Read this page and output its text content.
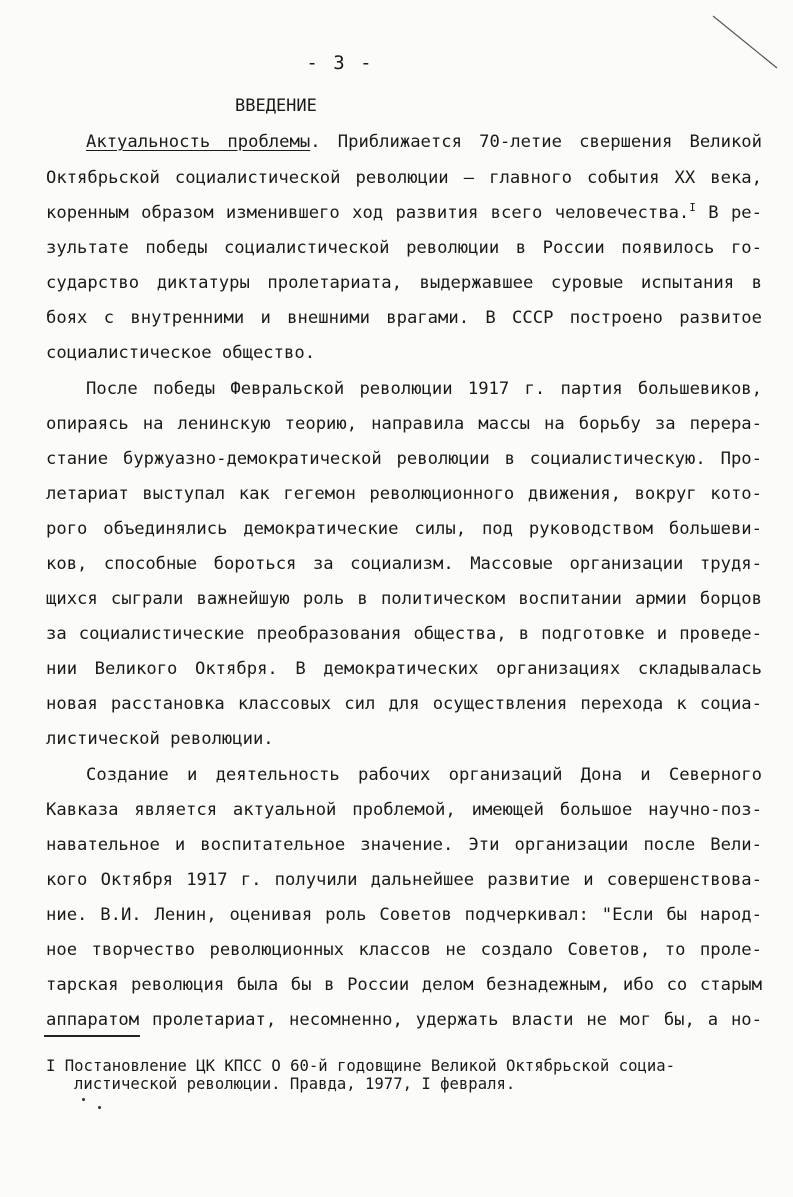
- 3 -
ВВЕДЕНИЕ
Актуальность проблемы. Приближается 70-летие свершения Великой
Октябрьской социалистической революции – главного события XX века,
коренным образом изменившего ход развития всего человечества.$^I$ В ре-
зультате победы социалистической революции в России появилось го-
сударство диктатуры пролетариата, выдержавшее суровые испытания в
боях с внутренними и внешними врагами. В СССР построено развитое
социалистическое общество.
После победы Февральской революции 1917 г. партия большевиков,
опираясь на ленинскую теорию, направила массы на борьбу за перера-
стание буржуазно-демократической революции в социалистическую. Про-
летариат выступал как гегемон революционного движения, вокруг кото-
рого объединялись демократические силы, под руководством большеви-
ков, способные бороться за социализм. Массовые организации трудя-
щихся сыграли важнейшую роль в политическом воспитании армии борцов
за социалистические преобразования общества, в подготовке и проведе-
нии Великого Октября. В демократических организациях складывалась
новая расстановка классовых сил для осуществления перехода к социа-
листической революции.
Создание и деятельность рабочих организаций Дона и Северного
Кавказа является актуальной проблемой, имеющей большое научно-поз-
навательное и воспитательное значение. Эти организации после Вели-
кого Октября 1917 г. получили дальнейшее развитие и совершенствова-
ние. В.И. Ленин, оценивая роль Советов подчеркивал: "Если бы народ-
ное творчество революционных классов не создало Советов, то проле-
тарская революция была бы в России делом безнадежным, ибо со старым
аппаратом пролетариат, несомненно, удержать власти не мог бы, а но-
I Постановление ЦК КПСС О 60-й годовщине Великой Октябрьской социа-
листической революции. Правда, 1977, I февраля.
